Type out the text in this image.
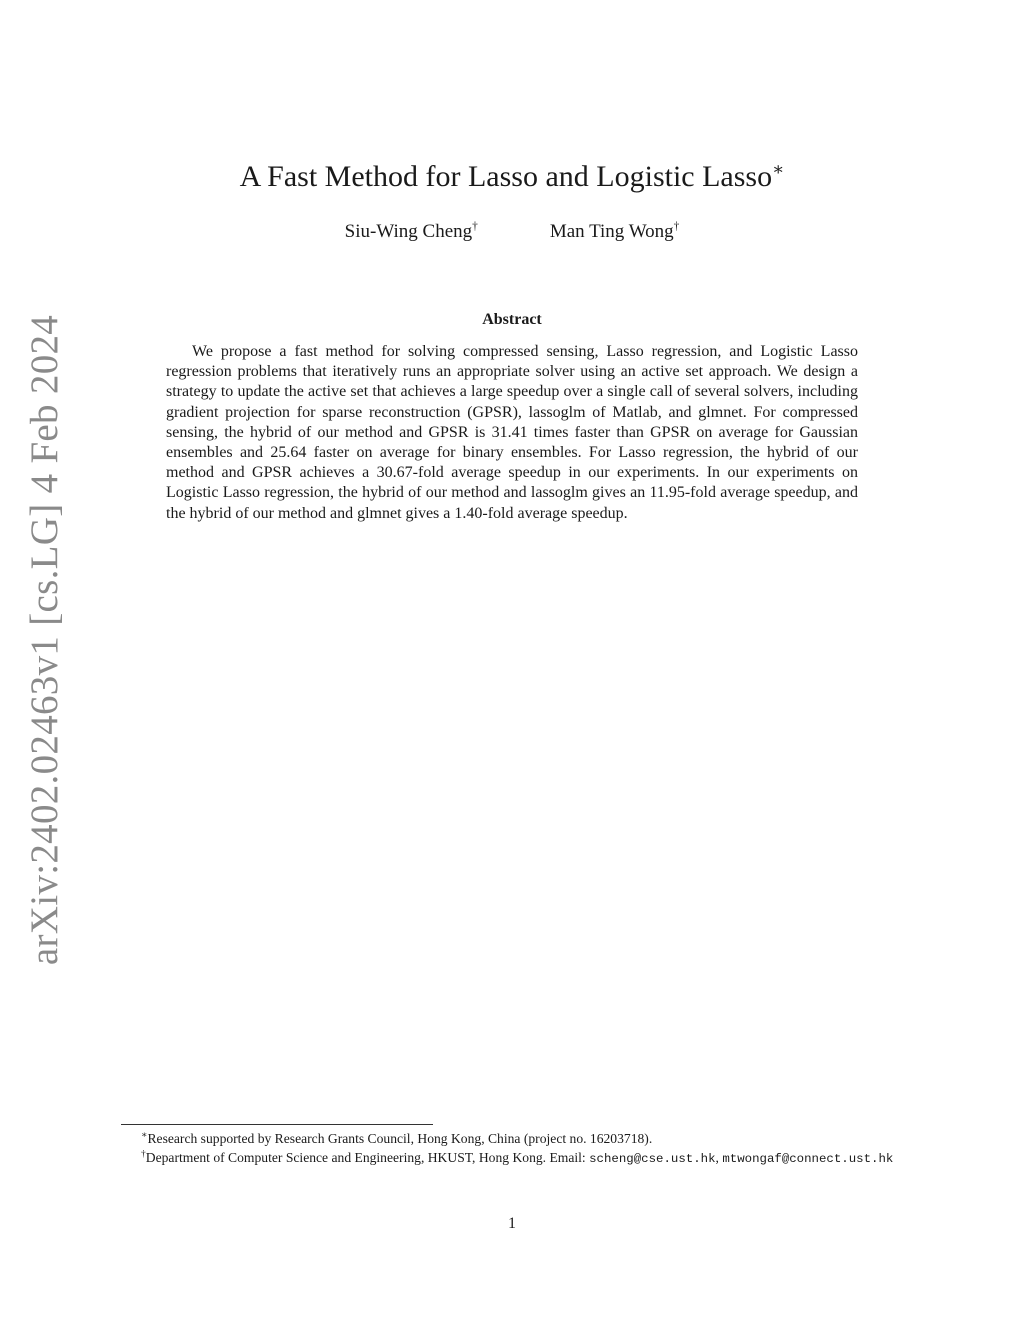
arXiv:2402.02463v1 [cs.LG] 4 Feb 2024
A Fast Method for Lasso and Logistic Lasso∗
Siu-Wing Cheng†	Man Ting Wong†
Abstract
We propose a fast method for solving compressed sensing, Lasso regression, and Logistic Lasso regression problems that iteratively runs an appropriate solver using an active set approach. We design a strategy to update the active set that achieves a large speedup over a single call of several solvers, including gradient projection for sparse reconstruction (GPSR), lassoglm of Matlab, and glmnet. For compressed sensing, the hybrid of our method and GPSR is 31.41 times faster than GPSR on average for Gaussian ensembles and 25.64 faster on average for binary ensembles. For Lasso regression, the hybrid of our method and GPSR achieves a 30.67-fold average speedup in our experiments. In our experiments on Logistic Lasso regression, the hybrid of our method and lassoglm gives an 11.95-fold average speedup, and the hybrid of our method and glmnet gives a 1.40-fold average speedup.
∗Research supported by Research Grants Council, Hong Kong, China (project no. 16203718).
†Department of Computer Science and Engineering, HKUST, Hong Kong. Email: scheng@cse.ust.hk, mtwongaf@connect.ust.hk
1
